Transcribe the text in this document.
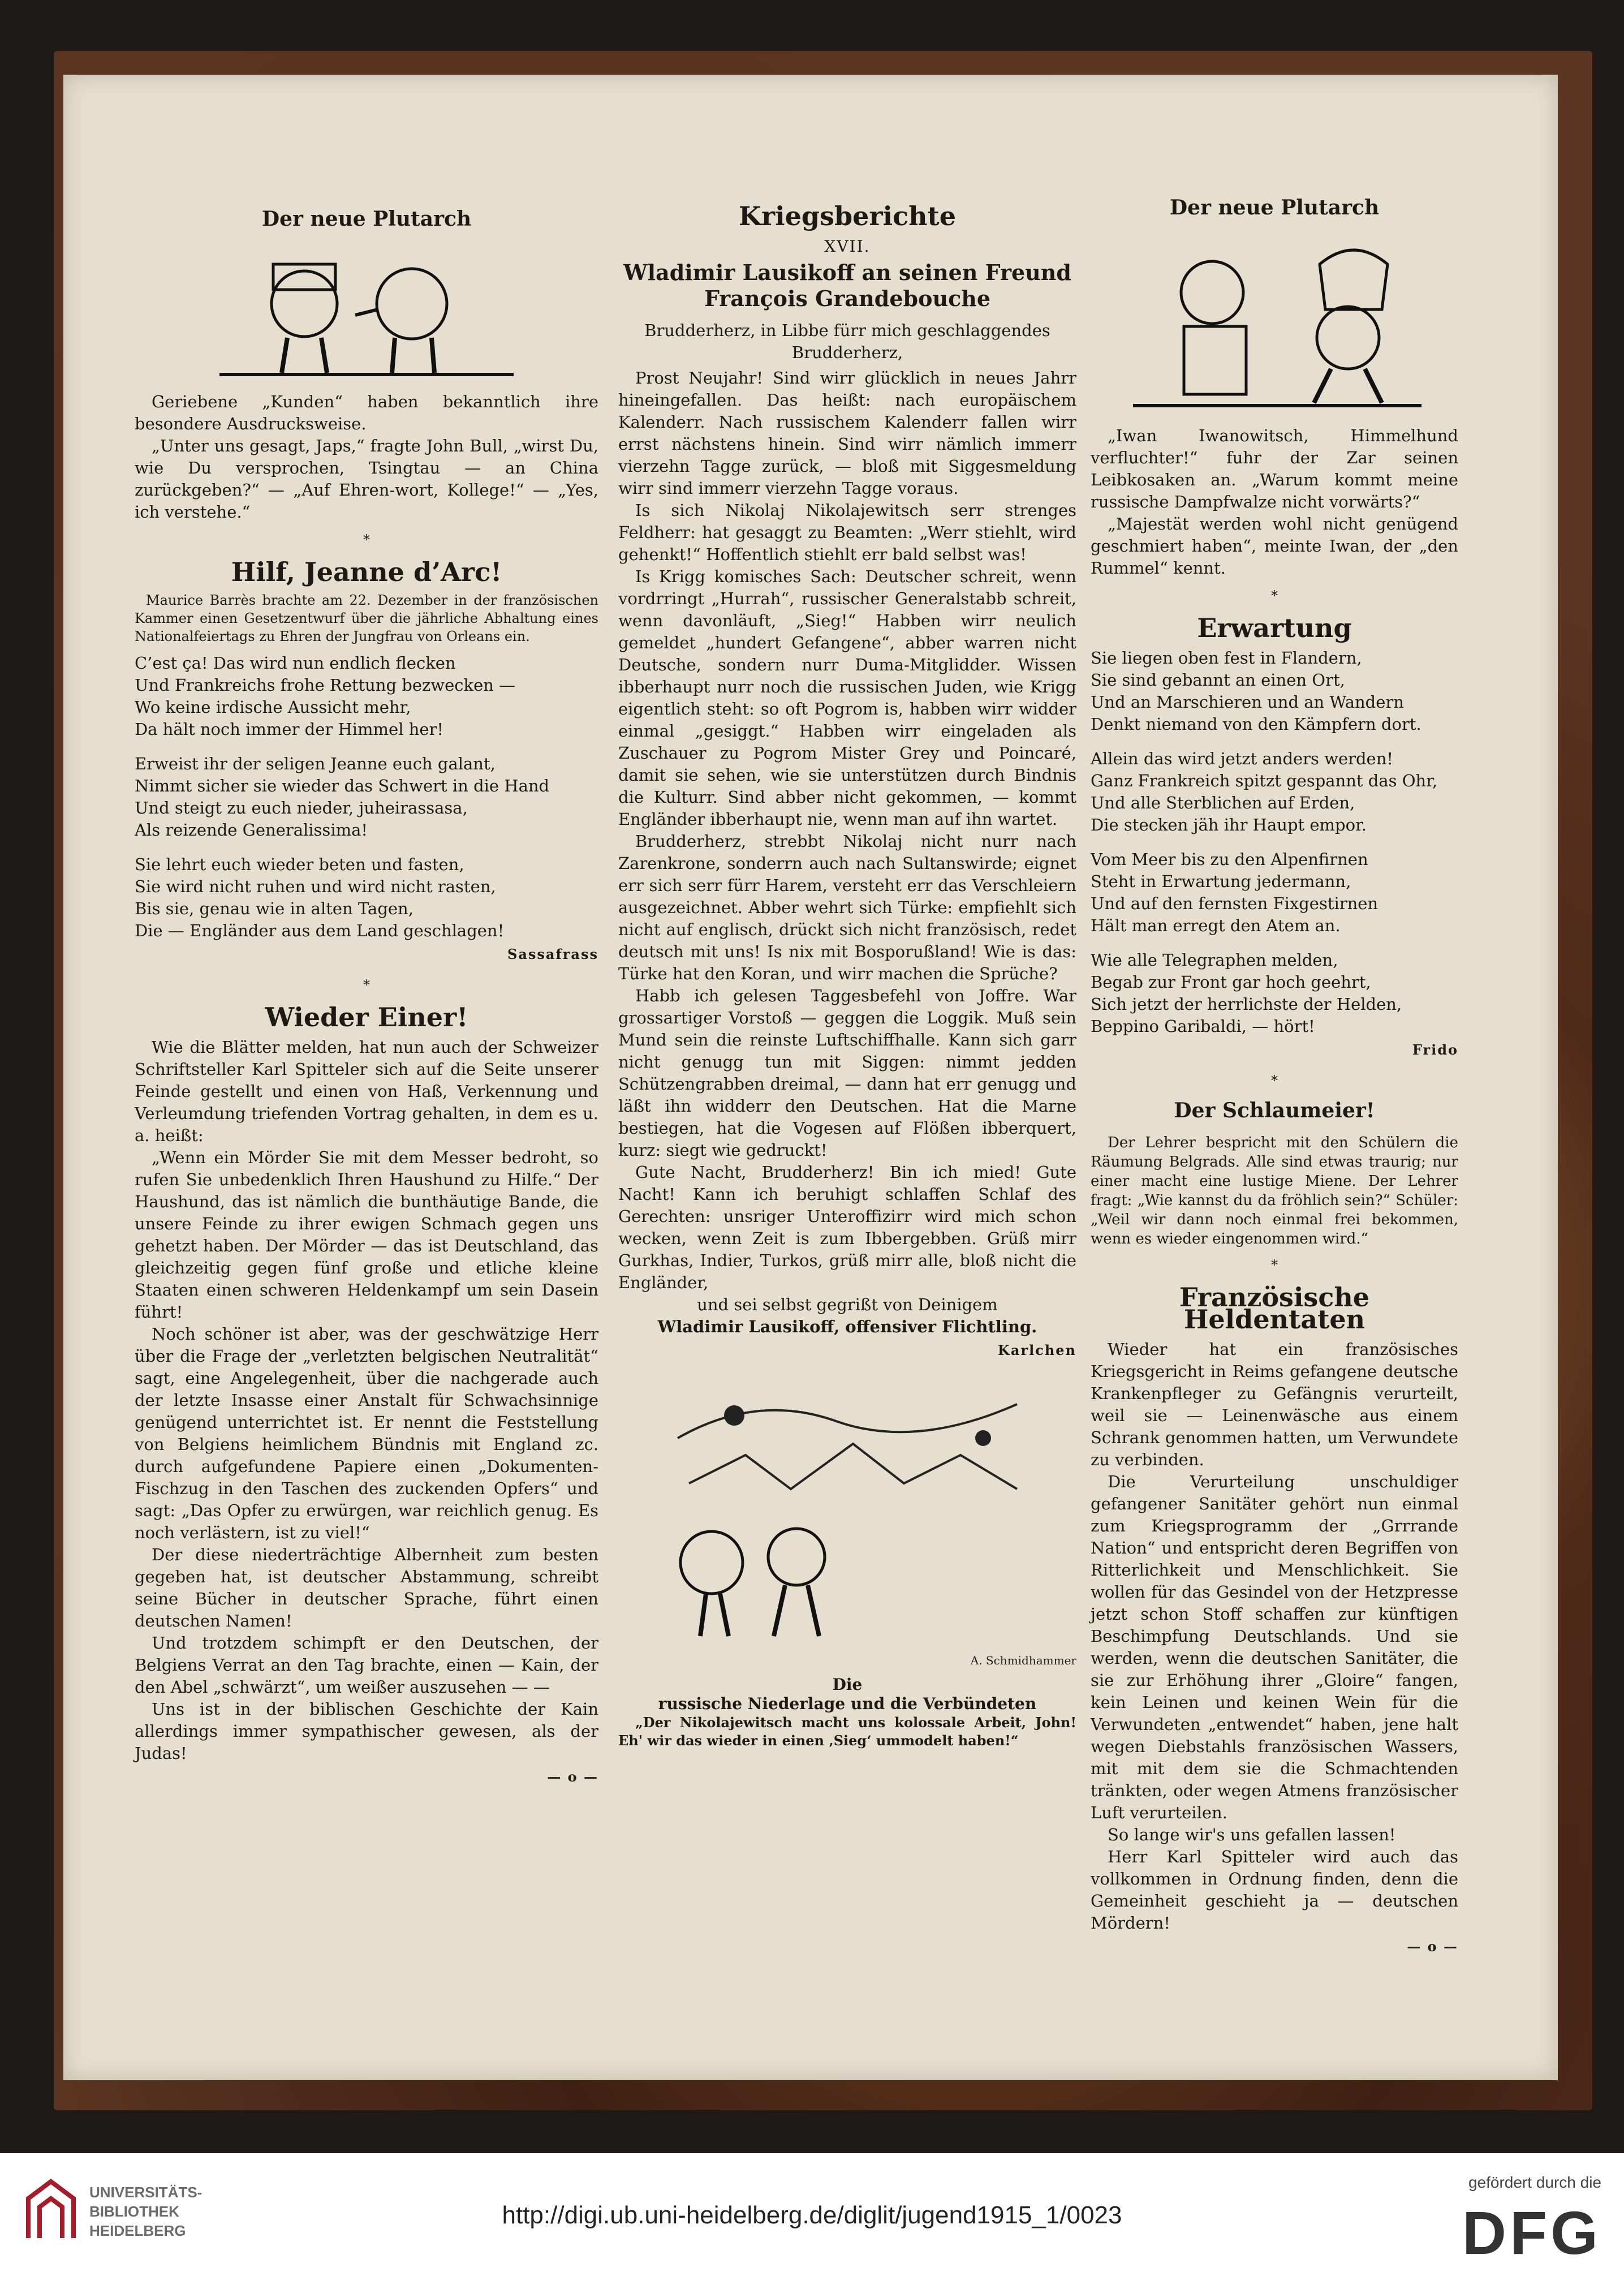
Der neue Plutarch

Geriebene „Kunden“ haben bekanntlich ihre besondere Ausdrucksweise.

„Unter uns gesagt, Japs,“ fragte John Bull, „wirst Du, wie Du versprochen, Tsingtau — an China zurückgeben?“ — „Auf Ehren-wort, Kollege!“ — „Yes, ich verstehe.“

*
Hilf, Jeanne d’Arc!

Maurice Barrès brachte am 22. Dezember in der französischen Kammer einen Gesetzentwurf über die jährliche Abhaltung eines Nationalfeiertags zu Ehren der Jungfrau von Orleans ein.

C’est ça! Das wird nun endlich flecken
Und Frankreichs frohe Rettung bezwecken —
Wo keine irdische Aussicht mehr,
Da hält noch immer der Himmel her!
Erweist ihr der seligen Jeanne euch galant,
Nimmt sicher sie wieder das Schwert in die Hand
Und steigt zu euch nieder, juheirassasa,
Als reizende Generalissima!
Sie lehrt euch wieder beten und fasten,
Sie wird nicht ruhen und wird nicht rasten,
Bis sie, genau wie in alten Tagen,
Die — Engländer aus dem Land geschlagen!
Sassafrass
*
Wieder Einer!

Wie die Blätter melden, hat nun auch der Schweizer Schriftsteller Karl Spitteler sich auf die Seite unserer Feinde gestellt und einen von Haß, Verkennung und Verleumdung triefenden Vortrag gehalten, in dem es u. a. heißt:

„Wenn ein Mörder Sie mit dem Messer bedroht, so rufen Sie unbedenklich Ihren Haushund zu Hilfe.“ Der Haushund, das ist nämlich die bunthäutige Bande, die unsere Feinde zu ihrer ewigen Schmach gegen uns gehetzt haben. Der Mörder — das ist Deutschland, das gleichzeitig gegen fünf große und etliche kleine Staaten einen schweren Heldenkampf um sein Dasein führt!

Noch schöner ist aber, was der geschwätzige Herr über die Frage der „verletzten belgischen Neutralität“ sagt, eine Angelegenheit, über die nachgerade auch der letzte Insasse einer Anstalt für Schwachsinnige genügend unterrichtet ist. Er nennt die Feststellung von Belgiens heimlichem Bündnis mit England zc. durch aufgefundene Papiere einen „Dokumenten-Fischzug in den Taschen des zuckenden Opfers“ und sagt: „Das Opfer zu erwürgen, war reichlich genug. Es noch verlästern, ist zu viel!“

Der diese niederträchtige Albernheit zum besten gegeben hat, ist deutscher Abstammung, schreibt seine Bücher in deutscher Sprache, führt einen deutschen Namen!

Und trotzdem schimpft er den Deutschen, der Belgiens Verrat an den Tag brachte, einen — Kain, der den Abel „schwärzt“, um weißer auszusehen — —

Uns ist in der biblischen Geschichte der Kain allerdings immer sympathischer gewesen, als der Judas!

— o —
Kriegsberichte
XVII.
Wladimir Lausikoff an seinen Freund François Grandebouche

Brudderherz, in Libbe fürr mich geschlaggendes Brudderherz,

Prost Neujahr! Sind wirr glücklich in neues Jahrr hineingefallen. Das heißt: nach europäischem Kalenderr. Nach russischem Kalenderr fallen wirr errst nächstens hinein. Sind wirr nämlich immerr vierzehn Tagge zurück, — bloß mit Siggesmeldung wirr sind immerr vierzehn Tagge voraus.

Is sich Nikolaj Nikolajewitsch serr strenges Feldherr: hat gesaggt zu Beamten: „Werr stiehlt, wird gehenkt!“ Hoffentlich stiehlt err bald selbst was!

Is Krigg komisches Sach: Deutscher schreit, wenn vordrringt „Hurrah“, russischer Generalstabb schreit, wenn davonläuft, „Sieg!“ Habben wirr neulich gemeldet „hundert Gefangene“, abber warren nicht Deutsche, sondern nurr Duma-Mitglidder. Wissen ibberhaupt nurr noch die russischen Juden, wie Krigg eigentlich steht: so oft Pogrom is, habben wirr widder einmal „gesiggt.“ Habben wirr eingeladen als Zuschauer zu Pogrom Mister Grey und Poincaré, damit sie sehen, wie sie unterstützen durch Bindnis die Kulturr. Sind abber nicht gekommen, — kommt Engländer ibberhaupt nie, wenn man auf ihn wartet.

Brudderherz, strebbt Nikolaj nicht nurr nach Zarenkrone, sonderrn auch nach Sultanswirde; eignet err sich serr fürr Harem, versteht err das Verschleiern ausgezeichnet. Abber wehrt sich Türke: empfiehlt sich nicht auf englisch, drückt sich nicht französisch, redet deutsch mit uns! Is nix mit Bosporußland! Wie is das: Türke hat den Koran, und wirr machen die Sprüche?

Habb ich gelesen Taggesbefehl von Joffre. War grossartiger Vorstoß — geggen die Loggik. Muß sein Mund sein die reinste Luftschiffhalle. Kann sich garr nicht genugg tun mit Siggen: nimmt jedden Schützengrabben dreimal, — dann hat err genugg und läßt ihn widderr den Deutschen. Hat die Marne bestiegen, hat die Vogesen auf Flößen ibberquert, kurz: siegt wie gedruckt!

Gute Nacht, Brudderherz! Bin ich mied! Gute Nacht! Kann ich beruhigt schlaffen Schlaf des Gerechten: unsriger Unteroffizirr wird mich schon wecken, wenn Zeit is zum Ibbergebben. Grüß mirr Gurkhas, Indier, Turkos, grüß mirr alle, bloß nicht die Engländer,

und sei selbst gegrißt von Deinigem

Wladimir Lausikoff, offensiver Flichtling.

Karlchen
A. Schmidhammer
Die
russische Niederlage und die Verbündeten

„Der Nikolajewitsch macht uns kolossale Arbeit, John! Eh' wir das wieder in einen ‚Sieg‘ ummodelt haben!“

Der neue Plutarch

„Iwan Iwanowitsch, Himmelhund verfluchter!“ fuhr der Zar seinen Leibkosaken an. „Warum kommt meine russische Dampfwalze nicht vorwärts?“

„Majestät werden wohl nicht genügend geschmiert haben“, meinte Iwan, der „den Rummel“ kennt.

*
Erwartung
Sie liegen oben fest in Flandern,
Sie sind gebannt an einen Ort,
Und an Marschieren und an Wandern
Denkt niemand von den Kämpfern dort.
Allein das wird jetzt anders werden!
Ganz Frankreich spitzt gespannt das Ohr,
Und alle Sterblichen auf Erden,
Die stecken jäh ihr Haupt empor.
Vom Meer bis zu den Alpenfirnen
Steht in Erwartung jedermann,
Und auf den fernsten Fixgestirnen
Hält man erregt den Atem an.
Wie alle Telegraphen melden,
Begab zur Front gar hoch geehrt,
Sich jetzt der herrlichste der Helden,
Beppino Garibaldi, — hört!
Frido
*
Der Schlaumeier!

Der Lehrer bespricht mit den Schülern die Räumung Belgrads. Alle sind etwas traurig; nur einer macht eine lustige Miene. Der Lehrer fragt: „Wie kannst du da fröhlich sein?“ Schüler: „Weil wir dann noch einmal frei bekommen, wenn es wieder eingenommen wird.“

*
Französische Heldentaten

Wieder hat ein französisches Kriegsgericht in Reims gefangene deutsche Krankenpfleger zu Gefängnis verurteilt, weil sie — Leinenwäsche aus einem Schrank genommen hatten, um Verwundete zu verbinden.

Die Verurteilung unschuldiger gefangener Sanitäter gehört nun einmal zum Kriegsprogramm der „Grrrande Nation“ und entspricht deren Begriffen von Ritterlichkeit und Menschlichkeit. Sie wollen für das Gesindel von der Hetzpresse jetzt schon Stoff schaffen zur künftigen Beschimpfung Deutschlands. Und sie werden, wenn die deutschen Sanitäter, die sie zur Erhöhung ihrer „Gloire“ fangen, kein Leinen und keinen Wein für die Verwundeten „entwendet“ haben, jene halt wegen Diebstahls französischen Wassers, mit mit dem sie die Schmachtenden tränkten, oder wegen Atmens französischer Luft verurteilen.

So lange wir's uns gefallen lassen!

Herr Karl Spitteler wird auch das vollkommen in Ordnung finden, denn die Gemeinheit geschieht ja — deutschen Mördern!

— o —
UNIVERSITÄTS-
BIBLIOTHEK
HEIDELBERG
http://digi.ub.uni-heidelberg.de/diglit/jugend1915_1/0023
gefördert durch die
DFG
